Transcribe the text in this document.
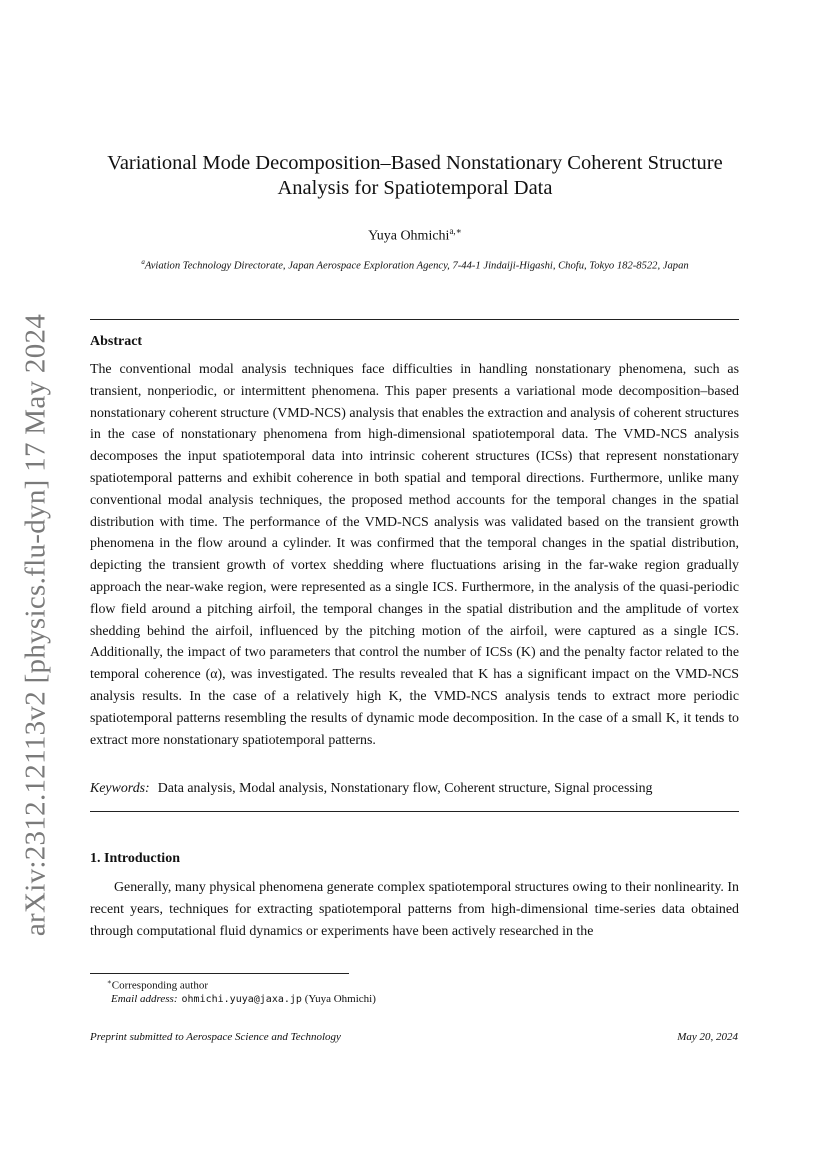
arXiv:2312.12113v2 [physics.flu-dyn] 17 May 2024
Variational Mode Decomposition–Based Nonstationary Coherent Structure
Analysis for Spatiotemporal Data
Yuya Ohmichi$^{a,∗}$
$^a$Aviation Technology Directorate, Japan Aerospace Exploration Agency, 7-44-1 Jindaiji-Higashi, Chofu, Tokyo 182-8522, Japan
Abstract
The conventional modal analysis techniques face difficulties in handling nonstationary phenomena, such as transient, nonperiodic, or intermittent phenomena. This paper presents a variational mode decomposition–based nonstationary coherent structure (VMD-NCS) analysis that enables the extraction and analysis of coherent structures in the case of nonstationary phenomena from high-dimensional spatiotemporal data. The VMD-NCS analysis decomposes the input spatiotemporal data into intrinsic coherent structures (ICSs) that represent nonstationary spatiotemporal patterns and exhibit coherence in both spatial and temporal directions. Furthermore, unlike many conventional modal analysis techniques, the proposed method accounts for the temporal changes in the spatial distribution with time. The performance of the VMD-NCS analysis was validated based on the transient growth phenomena in the flow around a cylinder. It was confirmed that the temporal changes in the spatial distribution, depicting the transient growth of vortex shedding where fluctuations arising in the far-wake region gradually approach the near-wake region, were represented as a single ICS. Furthermore, in the analysis of the quasi-periodic flow field around a pitching airfoil, the temporal changes in the spatial distribution and the amplitude of vortex shedding behind the airfoil, influenced by the pitching motion of the airfoil, were captured as a single ICS. Additionally, the impact of two parameters that control the number of ICSs (K) and the penalty factor related to the temporal coherence (α), was investigated. The results revealed that K has a significant impact on the VMD-NCS analysis results. In the case of a relatively high K, the VMD-NCS analysis tends to extract more periodic spatiotemporal patterns resembling the results of dynamic mode decomposition. In the case of a small K, it tends to extract more nonstationary spatiotemporal patterns.
Keywords: Data analysis, Modal analysis, Nonstationary flow, Coherent structure, Signal processing
1. Introduction
Generally, many physical phenomena generate complex spatiotemporal structures owing to their nonlinearity. In recent years, techniques for extracting spatiotemporal patterns from high-dimensional time-series data obtained through computational fluid dynamics or experiments have been actively researched in the
∗Corresponding author
Email address: ohmichi.yuya@jaxa.jp (Yuya Ohmichi)
Preprint submitted to Aerospace Science and Technology	May 20, 2024
